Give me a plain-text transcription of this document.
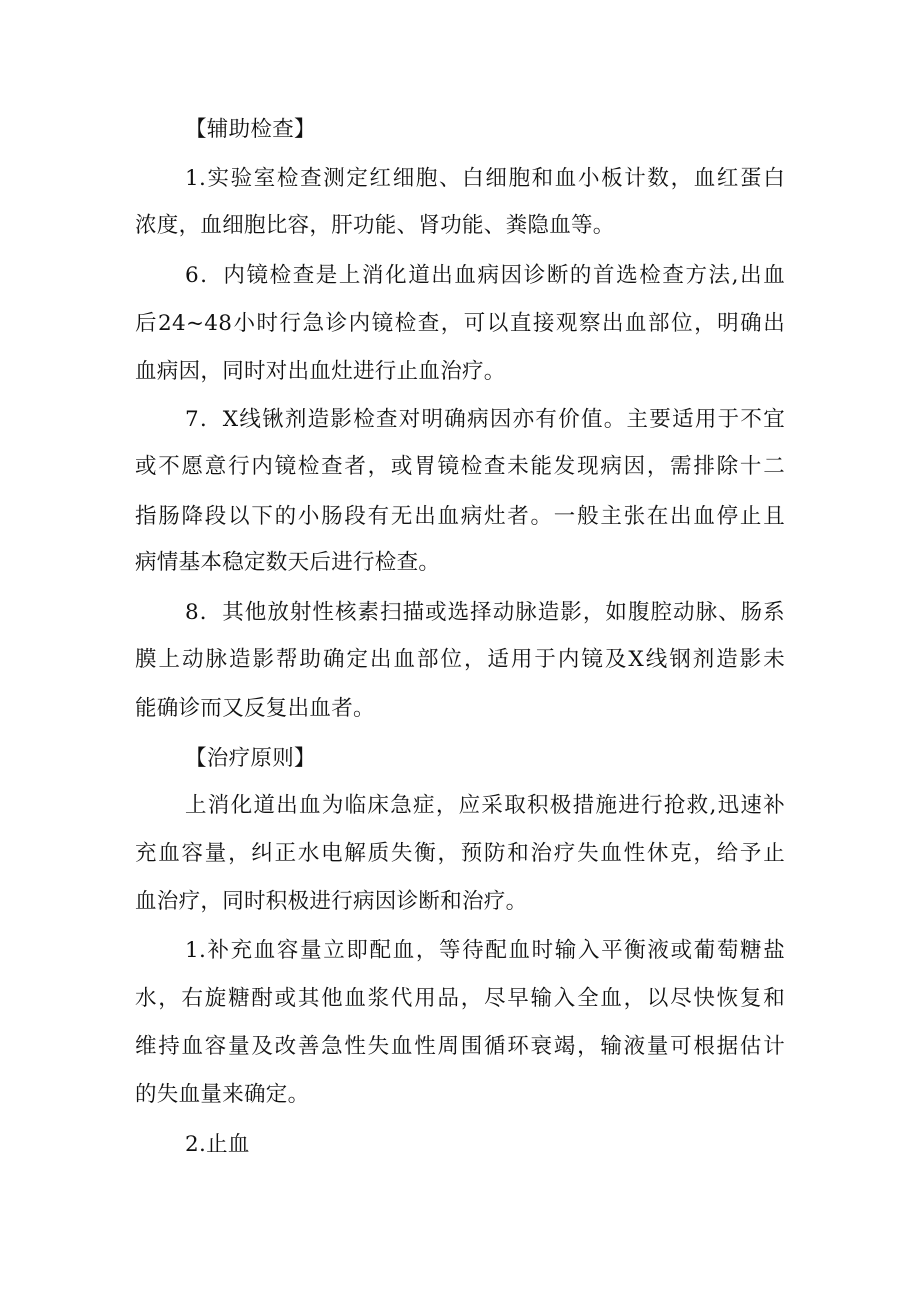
【辅助检查】
1.实验室检查测定红细胞、白细胞和血小板计数，血红蛋白
浓度，血细胞比容，肝功能、肾功能、粪隐血等。
6．内镜检查是上消化道出血病因诊断的首选检查方法,出血
后24~48小时行急诊内镜检查，可以直接观察出血部位，明确出
血病因，同时对出血灶进行止血治疗。
7．X线锹剂造影检查对明确病因亦有价值。主要适用于不宜
或不愿意行内镜检查者，或胃镜检查未能发现病因，需排除十二
指肠降段以下的小肠段有无出血病灶者。一般主张在出血停止且
病情基本稳定数天后进行检查。
8．其他放射性核素扫描或选择动脉造影，如腹腔动脉、肠系
膜上动脉造影帮助确定出血部位，适用于内镜及X线钢剂造影未
能确诊而又反复出血者。
【治疗原则】
上消化道出血为临床急症，应采取积极措施进行抢救,迅速补
充血容量，纠正水电解质失衡，预防和治疗失血性休克，给予止
血治疗，同时积极进行病因诊断和治疗。
1.补充血容量立即配血，等待配血时输入平衡液或葡萄糖盐
水，右旋糖酎或其他血浆代用品，尽早输入全血，以尽快恢复和
维持血容量及改善急性失血性周围循环衰竭，输液量可根据估计
的失血量来确定。
2.止血
